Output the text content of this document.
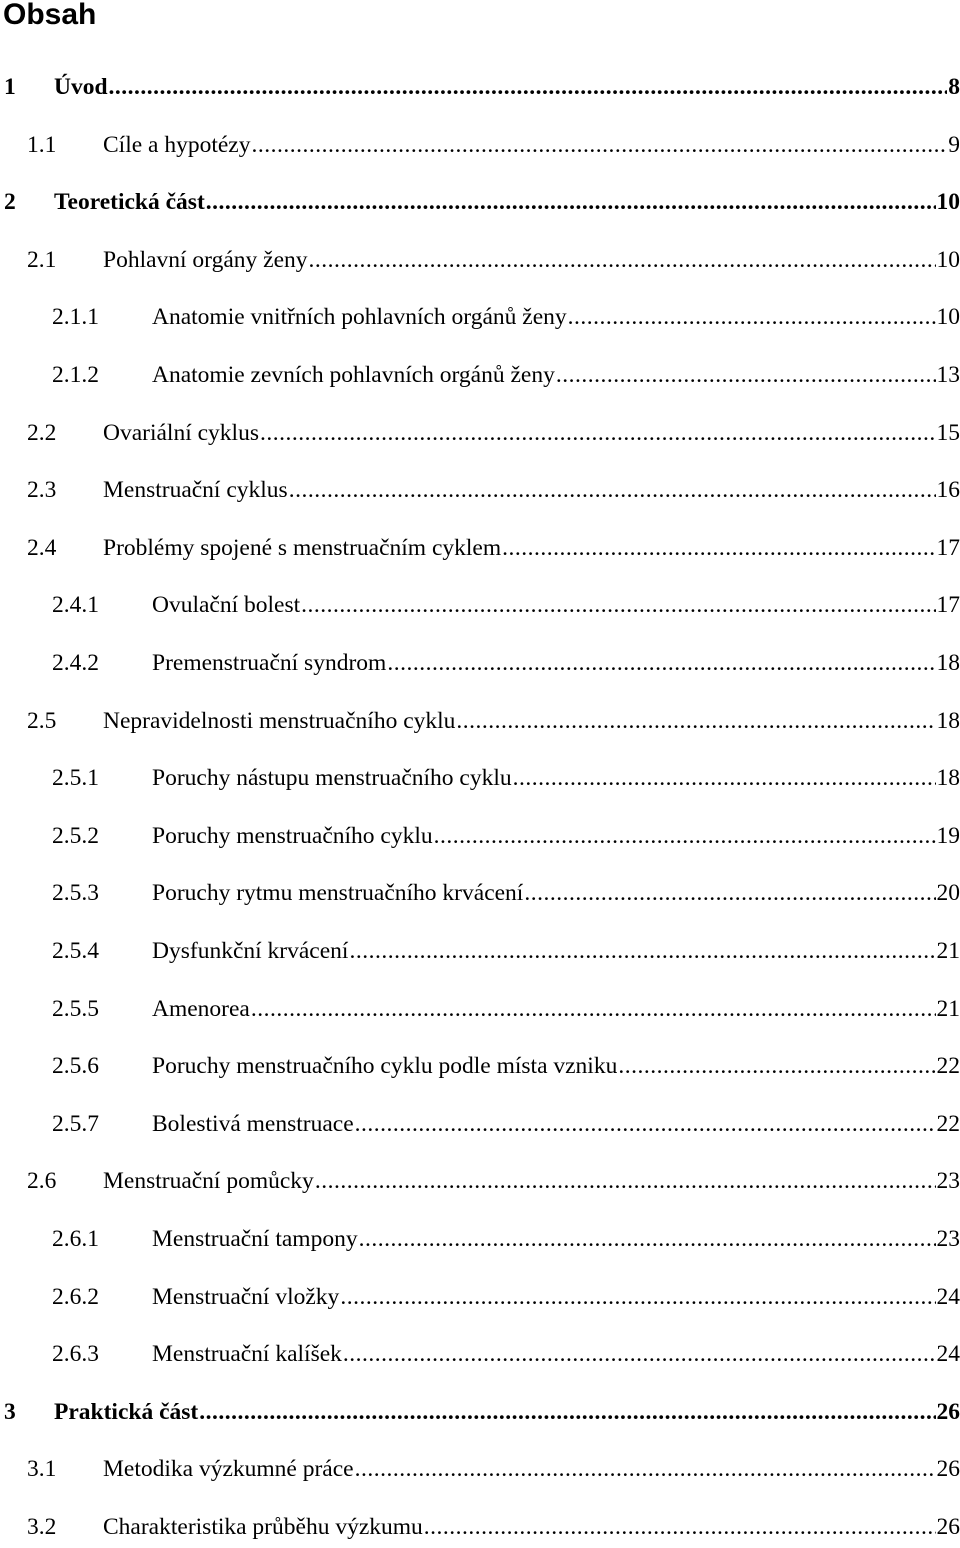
Obsah
1	Úvod .....	8
1.1	Cíle a hypotézy .....	9
2	Teoretická část .....	10
2.1	Pohlavní orgány ženy .....	10
2.1.1	Anatomie vnitřních pohlavních orgánů ženy .....	10
2.1.2	Anatomie zevních pohlavních orgánů ženy .....	13
2.2	Ovariální cyklus .....	15
2.3	Menstruační cyklus .....	16
2.4	Problémy spojené s menstruačním cyklem .....	17
2.4.1	Ovulační bolest .....	17
2.4.2	Premenstruační syndrom .....	18
2.5	Nepravidelnosti menstruačního cyklu .....	18
2.5.1	Poruchy nástupu menstruačního cyklu .....	18
2.5.2	Poruchy menstruačního cyklu .....	19
2.5.3	Poruchy rytmu menstruačního krvácení .....	20
2.5.4	Dysfunkční krvácení .....	21
2.5.5	Amenorea .....	21
2.5.6	Poruchy menstruačního cyklu podle místa vzniku .....	22
2.5.7	Bolestivá menstruace .....	22
2.6	Menstruační pomůcky .....	23
2.6.1	Menstruační tampony .....	23
2.6.2	Menstruační vložky .....	24
2.6.3	Menstruační kalíšek .....	24
3	Praktická část .....	26
3.1	Metodika výzkumné práce .....	26
3.2	Charakteristika průběhu výzkumu .....	26
